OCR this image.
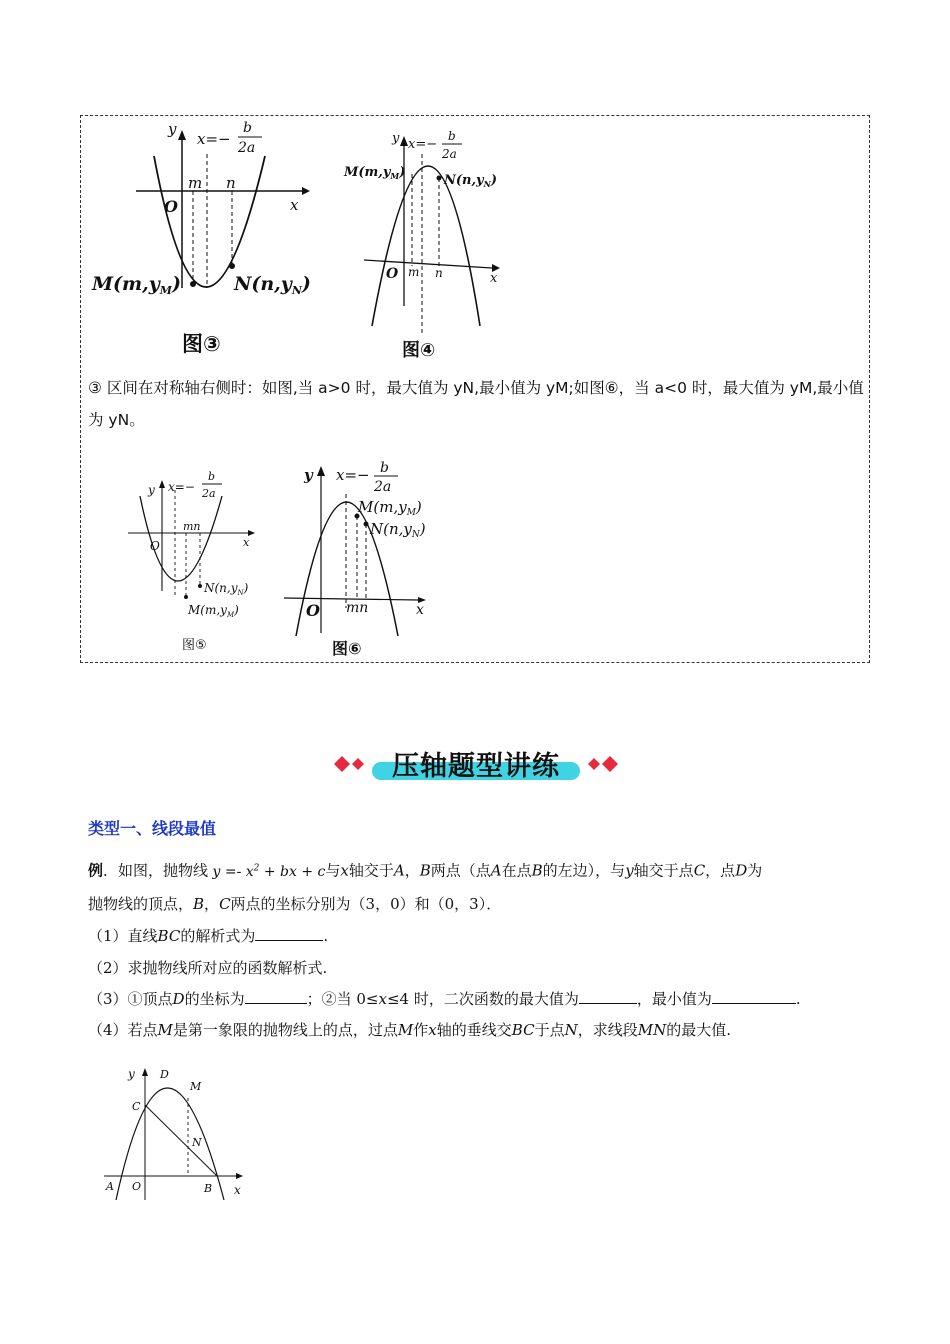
y
x
O
x=−
b
2a
m n
$M(m,y_M)$	$N(n,y_N)$
图③
y
x
O
x=−
b
2a
m n
$M(m,y_M)$
$N(n,y_N)$
图④
③ 区间在对称轴右侧时：如图,当 a>0 时，最大值为 yN,最小值为 yM;如图⑥，当 a<0 时，最大值为 yM,最小值为 yN。
y
x
O
x=−
b
2a
mn
$N(n,y_N)$
$M(m,y_M)$
图⑤
y
x
O
x=− b
2a
mn
$M(m,y_M)$
$N(n,y_N)$
图⑥
压轴题型讲练
类型一、线段最值
例．如图，抛物线 $y =- x^2$ + bx + c与x轴交于A，B两点（点A在点B的左边），与y轴交于点C，点D为
抛物线的顶点，B，C两点的坐标分别为（3，0）和（0，3）．
（1）直线BC的解析式为	.
（2）求抛物线所对应的函数解析式.
（3）①顶点D的坐标为	；②当 0≤x≤4 时，二次函数的最大值为	，最小值为	.
（4）若点M是第一象限的抛物线上的点，过点M作x轴的垂线交BC于点N，求线段MN的最大值.
y
x
O
A	B
C
D
M
N
